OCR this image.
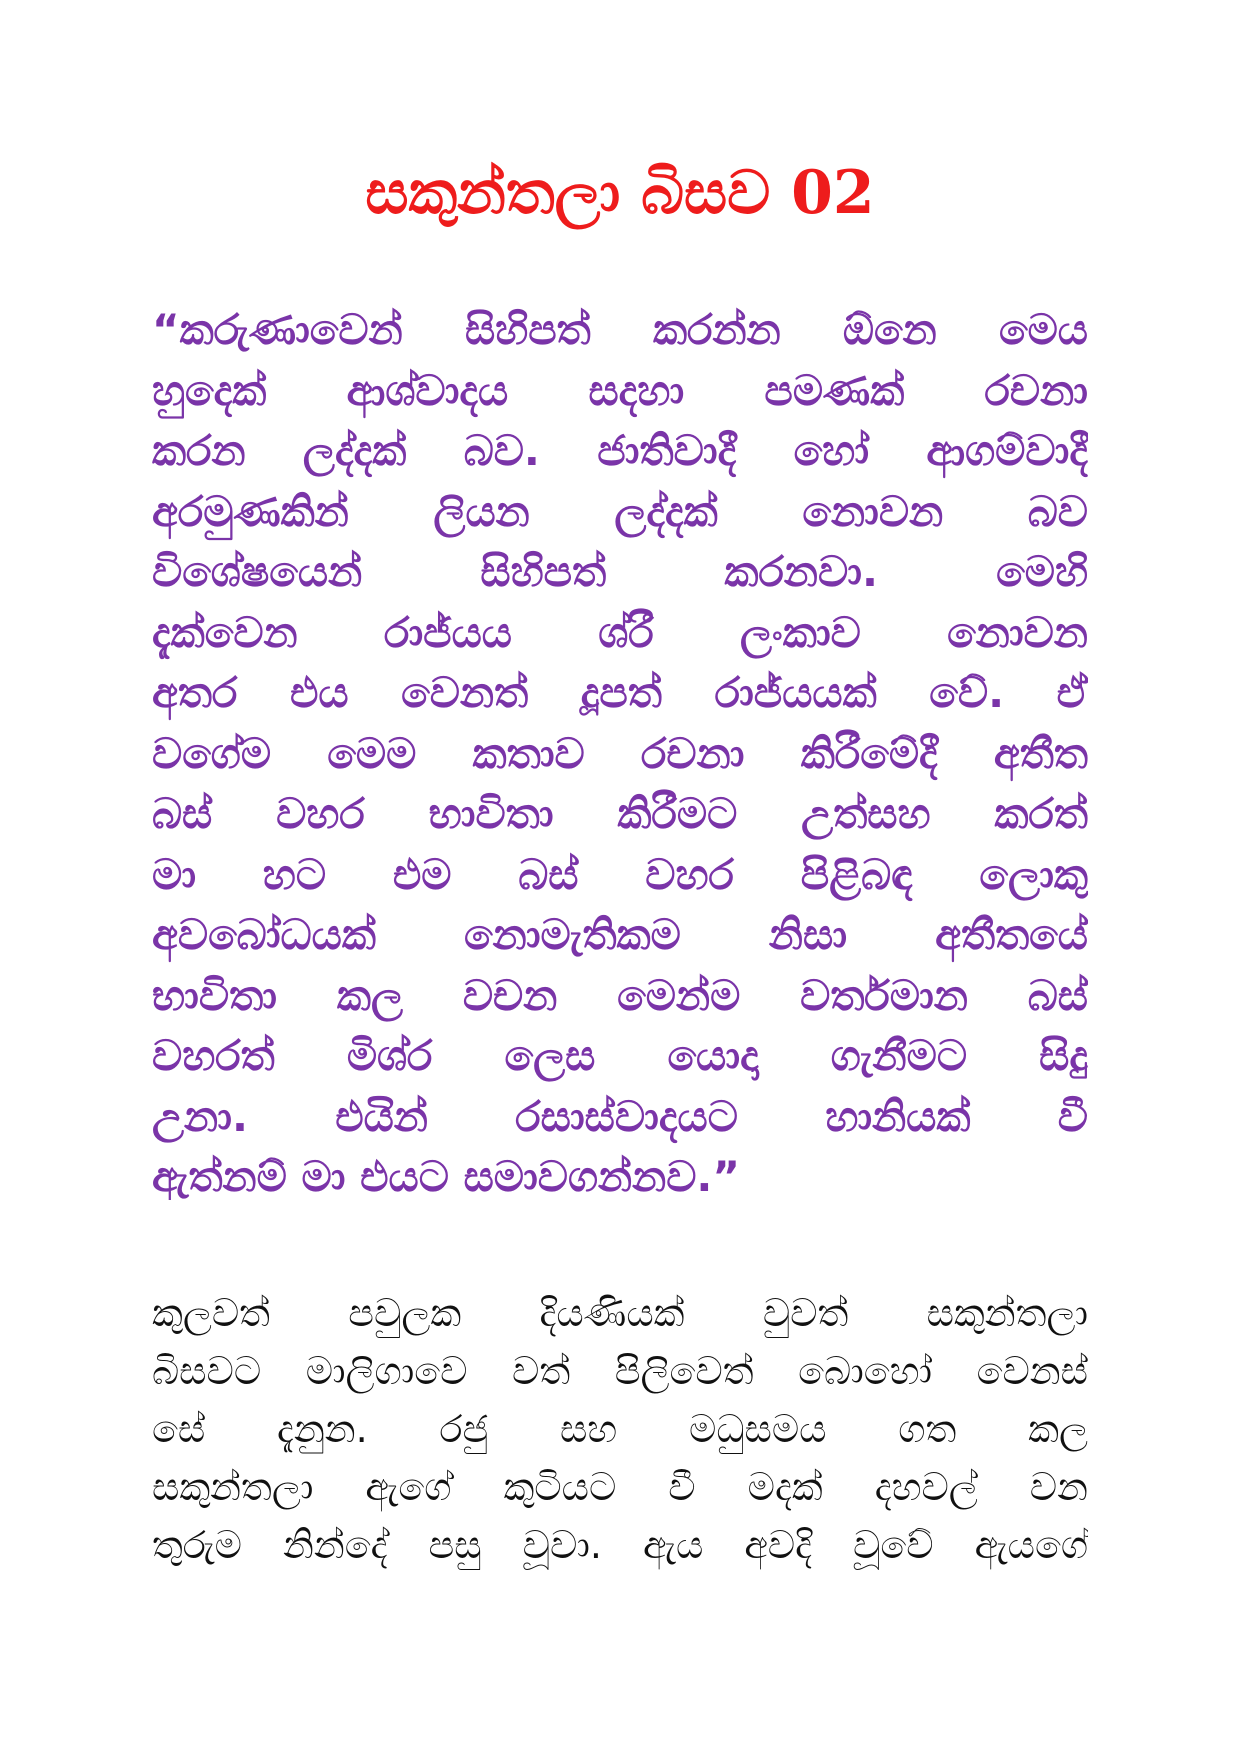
සකුන්තලා බිසව 02
“කරුණාවෙන් සිහිපත් කරන්න ඕනෙ මෙය
හුදෙක් ආශ්වාදය සදහා පමණක් රචනා
කරන ලද්දක් බව. ජාතිවාදී හෝ ආගම්වාදී
අරමුණකින් ලියන ලද්දක් නොවන බව
විශේෂයෙන් සිහිපත් කරනවා. මෙහි
දැක්වෙන රාජ්යය ශ්රී ලංකාව නොවන
අතර එය වෙනත් දූපත් රාජ්යයක් වේ. ඒ
වගේම මෙම කතාව රචනා කිරීමේදී අතීත
බස් වහර භාවිතා කිරීමට උත්සහ කරත්
මා හට එම බස් වහර පිළිබඳ ලොකු
අවබෝධයක් නොමැතිකම නිසා අතීතයේ
භාවිතා කල වචන මෙන්ම වර්තමාන බස්
වහරත් මිශ්ර ලෙස යොදා ගැනීමට සිදු
උනා. එයින් රසාස්වාදයට හානියක් වී
ඇත්නම් මා එයට සමාවගන්නව.”
කුලවත් පවුලක දියණියක් වුවත් සකුන්තලා
බිසවට මාලිගාවෙ වත් පිලිවෙත් බොහෝ වෙනස්
සේ දැනුන. රජු සහ මධුසමය ගත කල
සකුන්තලා ඇගේ කුටියට වී මදක් දහවල් වන
තුරුම නින්දේ පසු වූවා. ඇය අවදි වූවේ ඇයගේ
